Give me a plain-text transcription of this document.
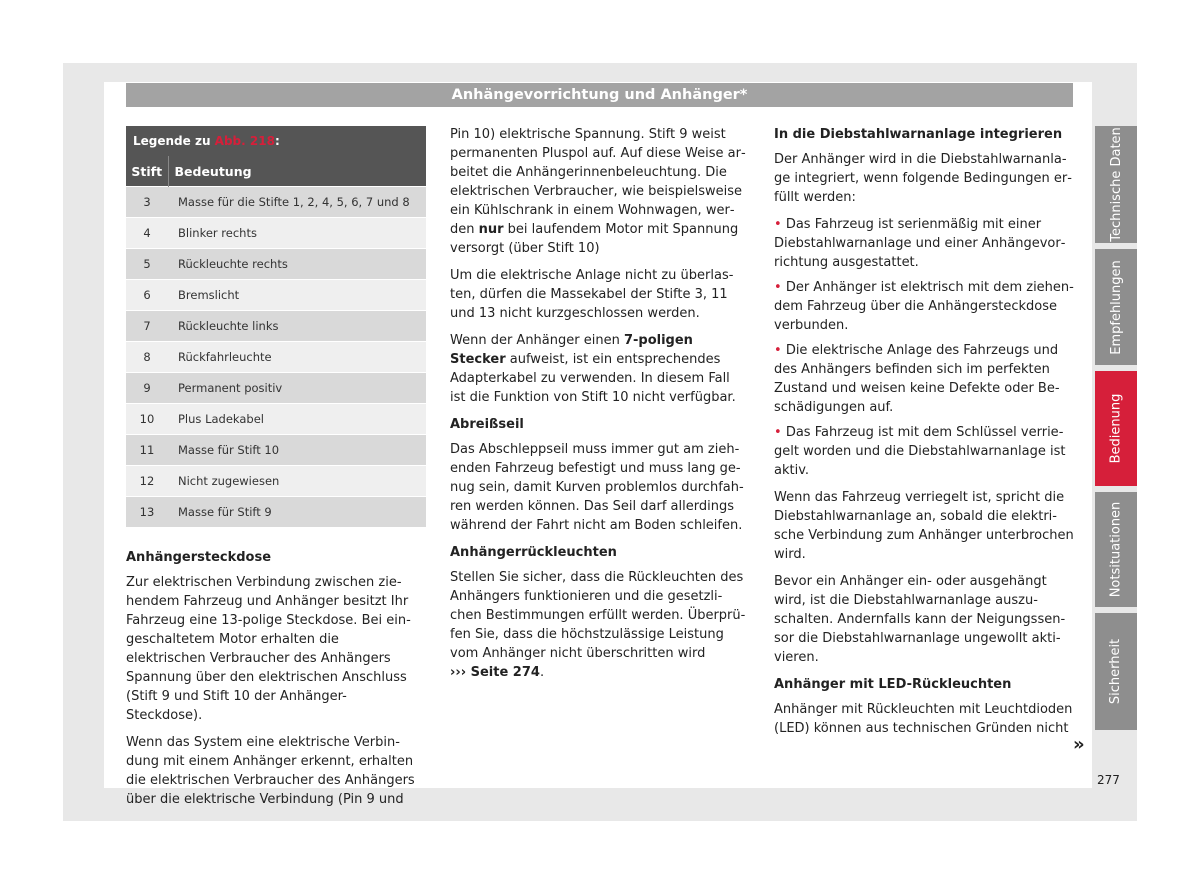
Anhängevorrichtung und Anhänger*
Legende zu Abb. 218:	
Stift	Bedeutung
3	Masse für die Stifte 1, 2, 4, 5, 6, 7 und 8
4	Blinker rechts
5	Rückleuchte rechts
6	Bremslicht
7	Rückleuchte links
8	Rückfahrleuchte
9	Permanent positiv
10	Plus Ladekabel
11	Masse für Stift 10
12	Nicht zugewiesen
13	Masse für Stift 9
Anhängersteckdose

Zur elektrischen Verbindung zwischen ziehendem Fahrzeug und Anhänger besitzt Ihr Fahrzeug eine 13-polige Steckdose. Bei eingeschaltetem Motor erhalten die elektrischen Verbraucher des Anhängers Spannung über den elektrischen Anschluss (Stift 9 und Stift 10 der Anhänger-Steckdose).

Wenn das System eine elektrische Verbindung mit einem Anhänger erkennt, erhalten die elektrischen Verbraucher des Anhängers über die elektrische Verbindung (Pin 9 und

Pin 10) elektrische Spannung. Stift 9 weist permanenten Pluspol auf. Auf diese Weise arbeitet die Anhängerinnenbeleuchtung. Die elektrischen Verbraucher, wie beispielsweise ein Kühlschrank in einem Wohnwagen, werden nur bei laufendem Motor mit Spannung versorgt (über Stift 10)

Um die elektrische Anlage nicht zu überlasten, dürfen die Massekabel der Stifte 3, 11 und 13 nicht kurzgeschlossen werden.

Wenn der Anhänger einen 7-poligen Stecker aufweist, ist ein entsprechendes Adapterkabel zu verwenden. In diesem Fall ist die Funktion von Stift 10 nicht verfügbar.

Abreißseil

Das Abschleppseil muss immer gut am ziehenden Fahrzeug befestigt und muss lang genug sein, damit Kurven problemlos durchfahren werden können. Das Seil darf allerdings während der Fahrt nicht am Boden schleifen.

Anhängerrückleuchten

Stellen Sie sicher, dass die Rückleuchten des Anhängers funktionieren und die gesetzlichen Bestimmungen erfüllt werden. Überprüfen Sie, dass die höchstzulässige Leistung vom Anhänger nicht überschritten wird
››› Seite 274.

In die Diebstahlwarnanlage integrieren

Der Anhänger wird in die Diebstahlwarnanlage integriert, wenn folgende Bedingungen erfüllt werden:

• Das Fahrzeug ist serienmäßig mit einer Diebstahlwarnanlage und einer Anhängevorrichtung ausgestattet.
• Der Anhänger ist elektrisch mit dem ziehendem Fahrzeug über die Anhängersteckdose verbunden.
• Die elektrische Anlage des Fahrzeugs und des Anhängers befinden sich im perfekten Zustand und weisen keine Defekte oder Beschädigungen auf.
• Das Fahrzeug ist mit dem Schlüssel verriegelt worden und die Diebstahlwarnanlage ist aktiv.

Wenn das Fahrzeug verriegelt ist, spricht die Diebstahlwarnanlage an, sobald die elektrische Verbindung zum Anhänger unterbrochen wird.

Bevor ein Anhänger ein- oder ausgehängt wird, ist die Diebstahlwarnanlage auszuschalten. Andernfalls kann der Neigungssensor die Diebstahlwarnanlage ungewollt aktivieren.

Anhänger mit LED-Rückleuchten

Anhänger mit Rückleuchten mit Leuchtdioden (LED) können aus technischen Gründen nicht

»
Technische Daten
Empfehlungen
Bedienung
Notsituationen
Sicherheit
277
